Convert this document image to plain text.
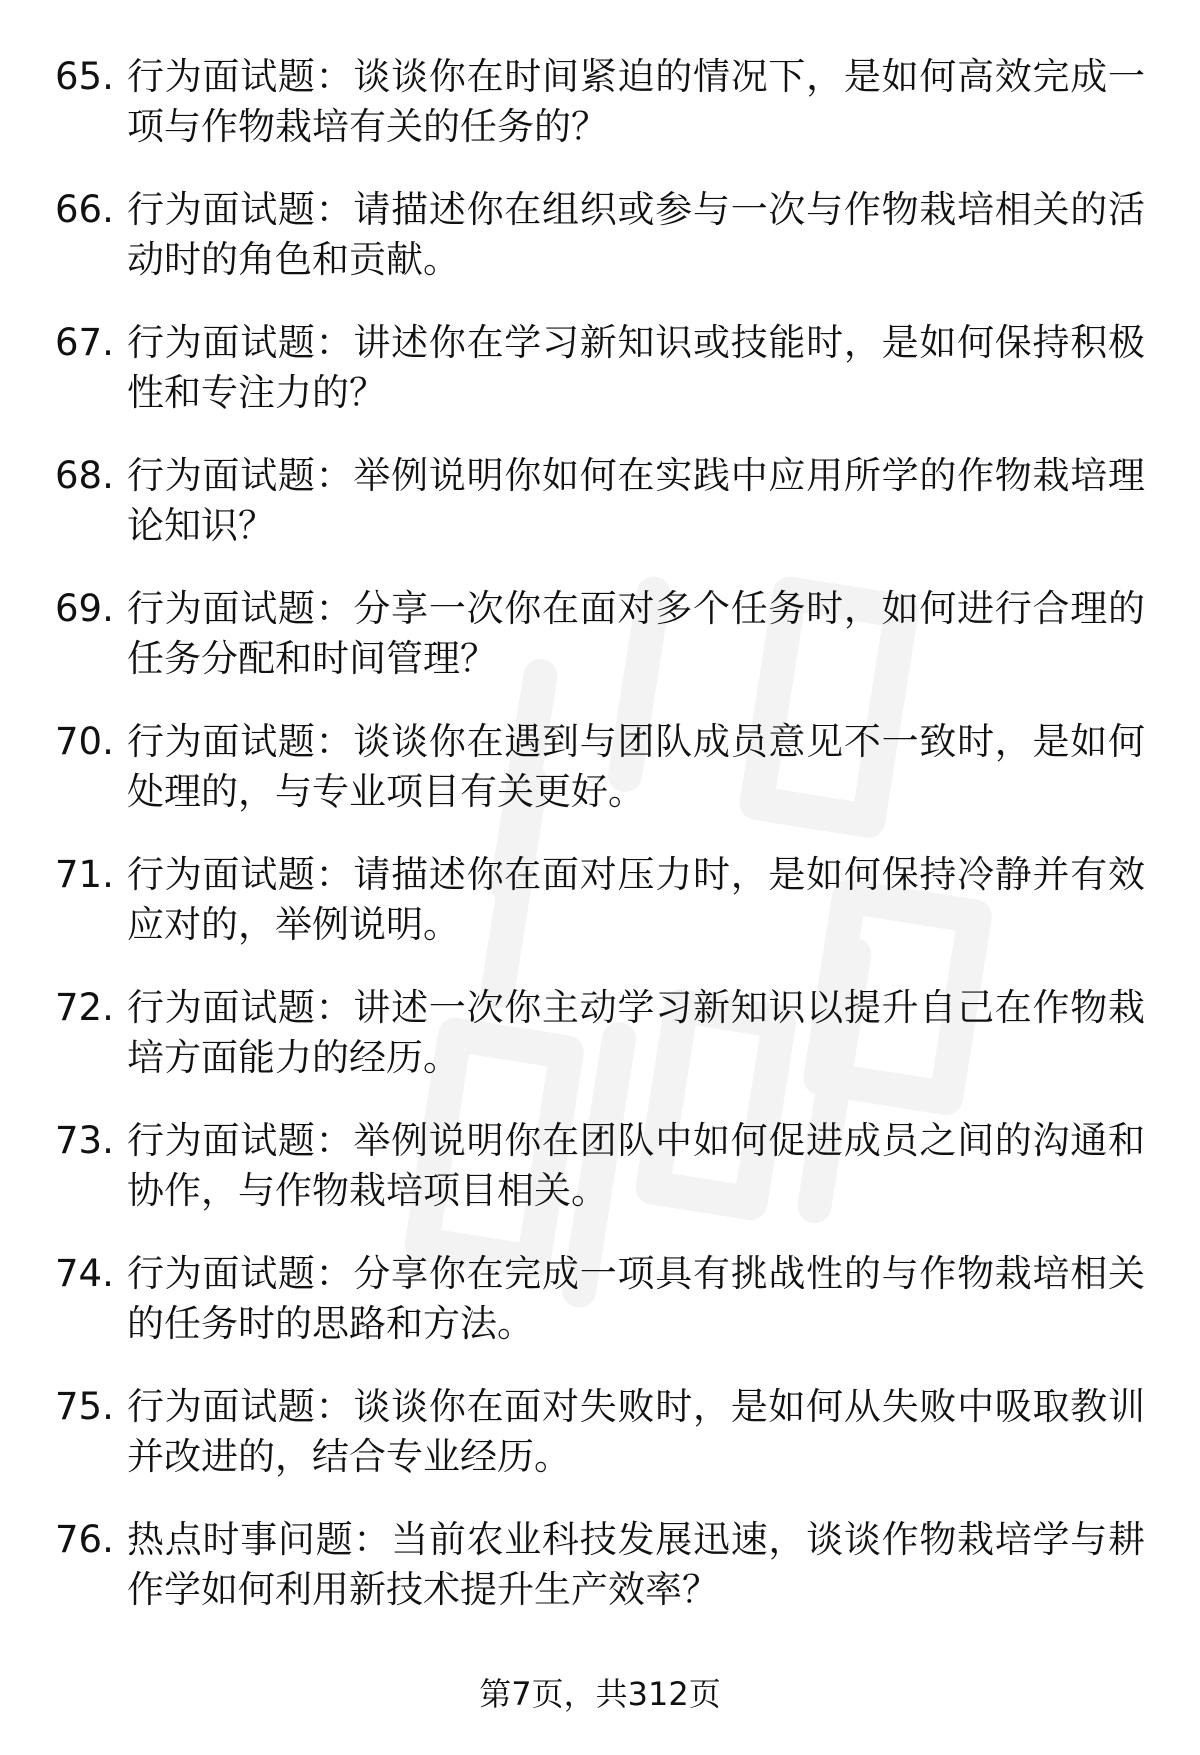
65. 行为面试题：谈谈你在时间紧迫的情况下，是如何高效完成一项与作物栽培有关的任务的？
66. 行为面试题：请描述你在组织或参与一次与作物栽培相关的活动时的角色和贡献。
67. 行为面试题：讲述你在学习新知识或技能时，是如何保持积极性和专注力的？
68. 行为面试题：举例说明你如何在实践中应用所学的作物栽培理论知识？
69. 行为面试题：分享一次你在面对多个任务时，如何进行合理的任务分配和时间管理？
70. 行为面试题：谈谈你在遇到与团队成员意见不一致时，是如何处理的，与专业项目有关更好。
71. 行为面试题：请描述你在面对压力时，是如何保持冷静并有效应对的，举例说明。
72. 行为面试题：讲述一次你主动学习新知识以提升自己在作物栽培方面能力的经历。
73. 行为面试题：举例说明你在团队中如何促进成员之间的沟通和协作，与作物栽培项目相关。
74. 行为面试题：分享你在完成一项具有挑战性的与作物栽培相关的任务时的思路和方法。
75. 行为面试题：谈谈你在面对失败时，是如何从失败中吸取教训并改进的，结合专业经历。
76. 热点时事问题：当前农业科技发展迅速，谈谈作物栽培学与耕作学如何利用新技术提升生产效率？
第7页，共312页
